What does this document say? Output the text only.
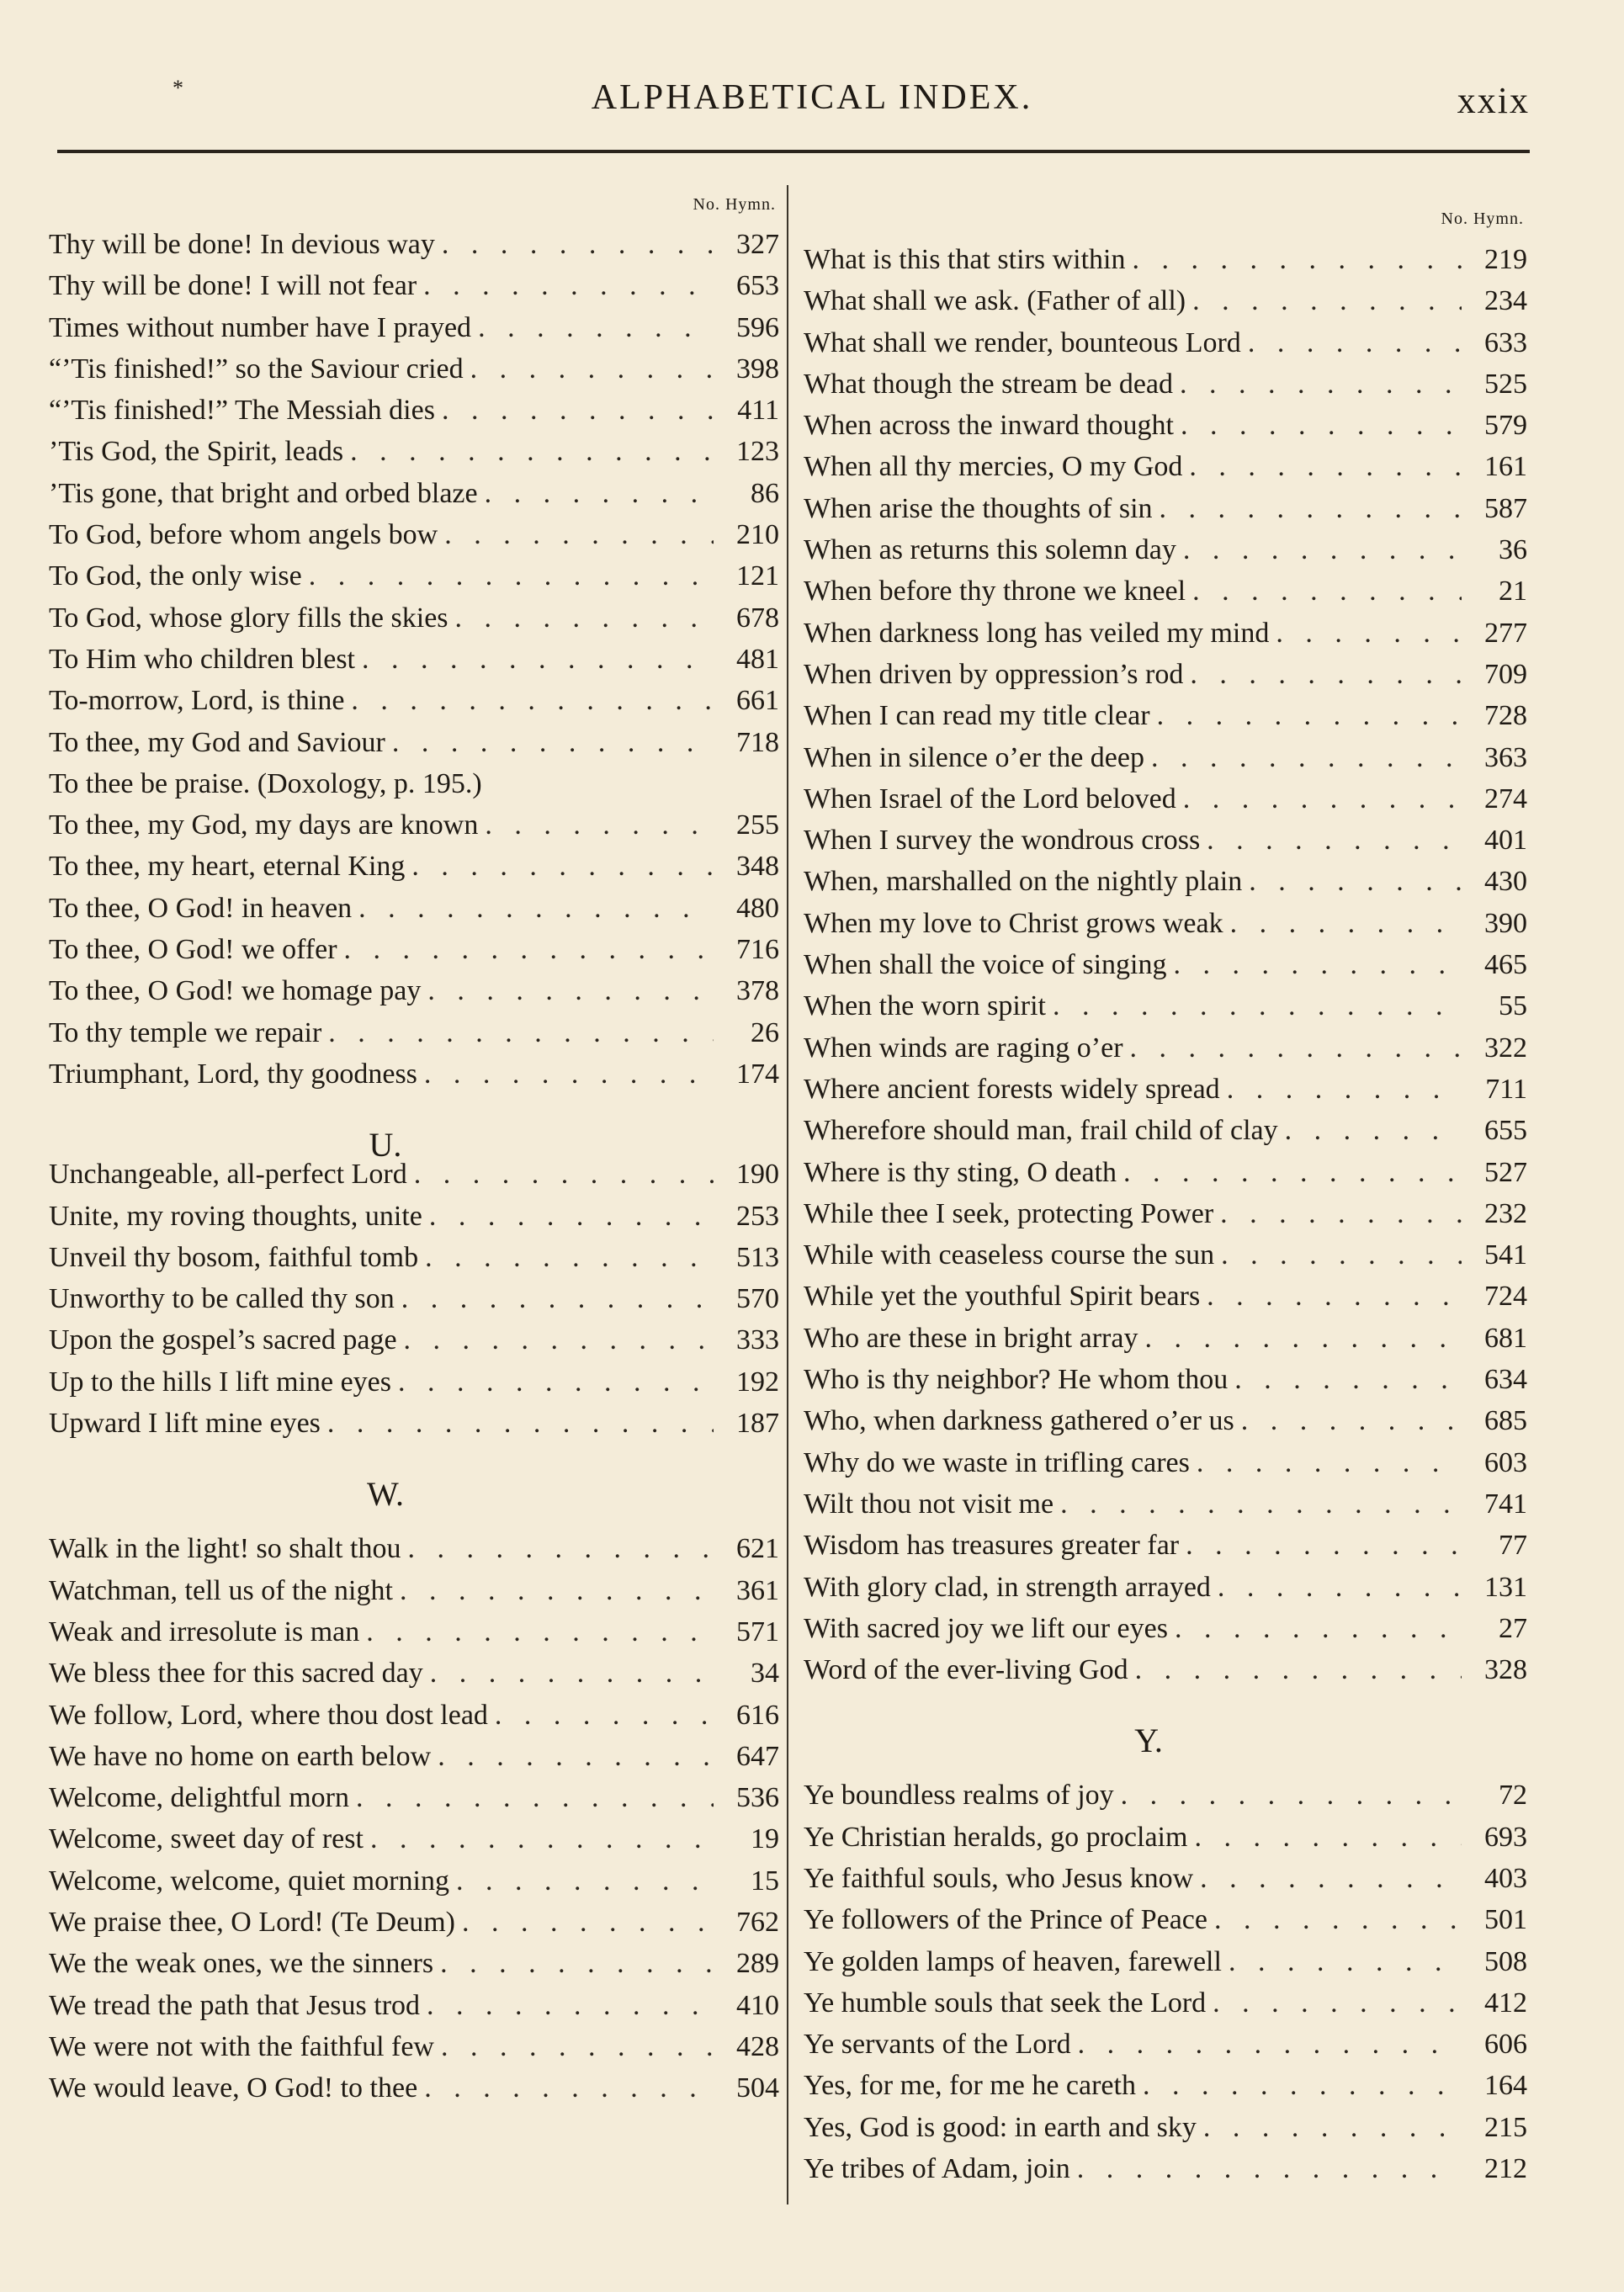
*	ALPHABETICAL INDEX.	xxix
No. Hymn.
Thy will be done! In devious way . . .	327
Thy will be done! I will not fear . . .	653
Times without number have I prayed . . .	596
“’Tis finished!” so the Saviour cried . . .	398
“’Tis finished!” The Messiah dies . . .	411
’Tis God, the Spirit, leads . . .	123
’Tis gone, that bright and orbed blaze . . .	86
To God, before whom angels bow . . .	210
To God, the only wise . . .	121
To God, whose glory fills the skies . . .	678
To Him who children blest . . .	481
To-morrow, Lord, is thine . . .	661
To thee, my God and Saviour . . .	718
To thee be praise. (Doxology, p. 195.)
To thee, my God, my days are known . . .	255
To thee, my heart, eternal King . . .	348
To thee, O God! in heaven . . .	480
To thee, O God! we offer . . .	716
To thee, O God! we homage pay . . .	378
To thy temple we repair . . .	26
Triumphant, Lord, thy goodness . . .	174
U.
Unchangeable, all-perfect Lord . . .	190
Unite, my roving thoughts, unite . . .	253
Unveil thy bosom, faithful tomb . . .	513
Unworthy to be called thy son . . .	570
Upon the gospel’s sacred page . . .	333
Up to the hills I lift mine eyes . . .	192
Upward I lift mine eyes . . .	187
W.
Walk in the light! so shalt thou . . .	621
Watchman, tell us of the night . . .	361
Weak and irresolute is man . . .	571
We bless thee for this sacred day . . .	34
We follow, Lord, where thou dost lead . . .	616
We have no home on earth below . . .	647
Welcome, delightful morn . . .	536
Welcome, sweet day of rest . . .	19
Welcome, welcome, quiet morning . . .	15
We praise thee, O Lord! (Te Deum) . . .	762
We the weak ones, we the sinners . . .	289
We tread the path that Jesus trod . . .	410
We were not with the faithful few . . .	428
We would leave, O God! to thee . . .	504
No. Hymn.
What is this that stirs within . . .	219
What shall we ask. (Father of all) . . .	234
What shall we render, bounteous Lord . . .	633
What though the stream be dead . . .	525
When across the inward thought . . .	579
When all thy mercies, O my God . . .	161
When arise the thoughts of sin . . .	587
When as returns this solemn day . . .	36
When before thy throne we kneel . . .	21
When darkness long has veiled my mind . . .	277
When driven by oppression’s rod . . .	709
When I can read my title clear . . .	728
When in silence o’er the deep . . .	363
When Israel of the Lord beloved . . .	274
When I survey the wondrous cross . . .	401
When, marshalled on the nightly plain . . .	430
When my love to Christ grows weak . . .	390
When shall the voice of singing . . .	465
When the worn spirit . . .	55
When winds are raging o’er . . .	322
Where ancient forests widely spread . . .	711
Wherefore should man, frail child of clay . . .	655
Where is thy sting, O death . . .	527
While thee I seek, protecting Power . . .	232
While with ceaseless course the sun . . .	541
While yet the youthful Spirit bears . . .	724
Who are these in bright array . . .	681
Who is thy neighbor? He whom thou . . .	634
Who, when darkness gathered o’er us . . .	685
Why do we waste in trifling cares . . .	603
Wilt thou not visit me . . .	741
Wisdom has treasures greater far . . .	77
With glory clad, in strength arrayed . . .	131
With sacred joy we lift our eyes . . .	27
Word of the ever-living God . . .	328
Y.
Ye boundless realms of joy . . .	72
Ye Christian heralds, go proclaim . . .	693
Ye faithful souls, who Jesus know . . .	403
Ye followers of the Prince of Peace . . .	501
Ye golden lamps of heaven, farewell . . .	508
Ye humble souls that seek the Lord . . .	412
Ye servants of the Lord . . .	606
Yes, for me, for me he careth . . .	164
Yes, God is good: in earth and sky . . .	215
Ye tribes of Adam, join . . .	212
